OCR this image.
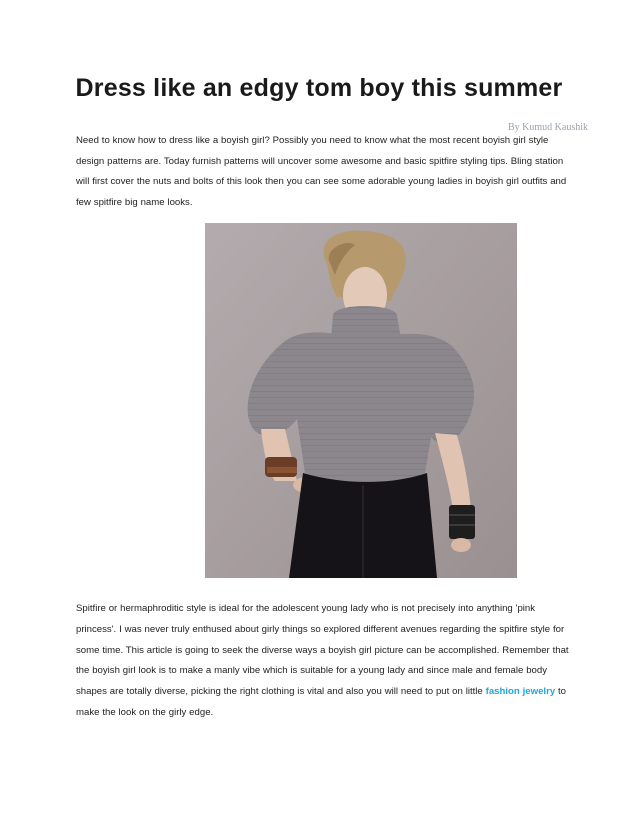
Dress like an edgy tom boy this summer
By Kumud Kaushik

Need to know how to dress like a boyish girl? Possibly you need to know what the most recent boyish girl style design patterns are. Today furnish patterns will uncover some awesome and basic spitfire styling tips. Bling station will first cover the nuts and bolts of this look then you can see some adorable young ladies in boyish girl outfits and few spitfire big name looks.

Spitfire or hermaphroditic style is ideal for the adolescent young lady who is not precisely into anything 'pink princess'. I was never truly enthused about girly things so explored different avenues regarding the spitfire style for some time. This article is going to seek the diverse ways a boyish girl picture can be accomplished. Remember that the boyish girl look is to make a manly vibe which is suitable for a young lady and since male and female body shapes are totally diverse, picking the right clothing is vital and also you will need to put on little fashion jewelry to make the look on the girly edge.
